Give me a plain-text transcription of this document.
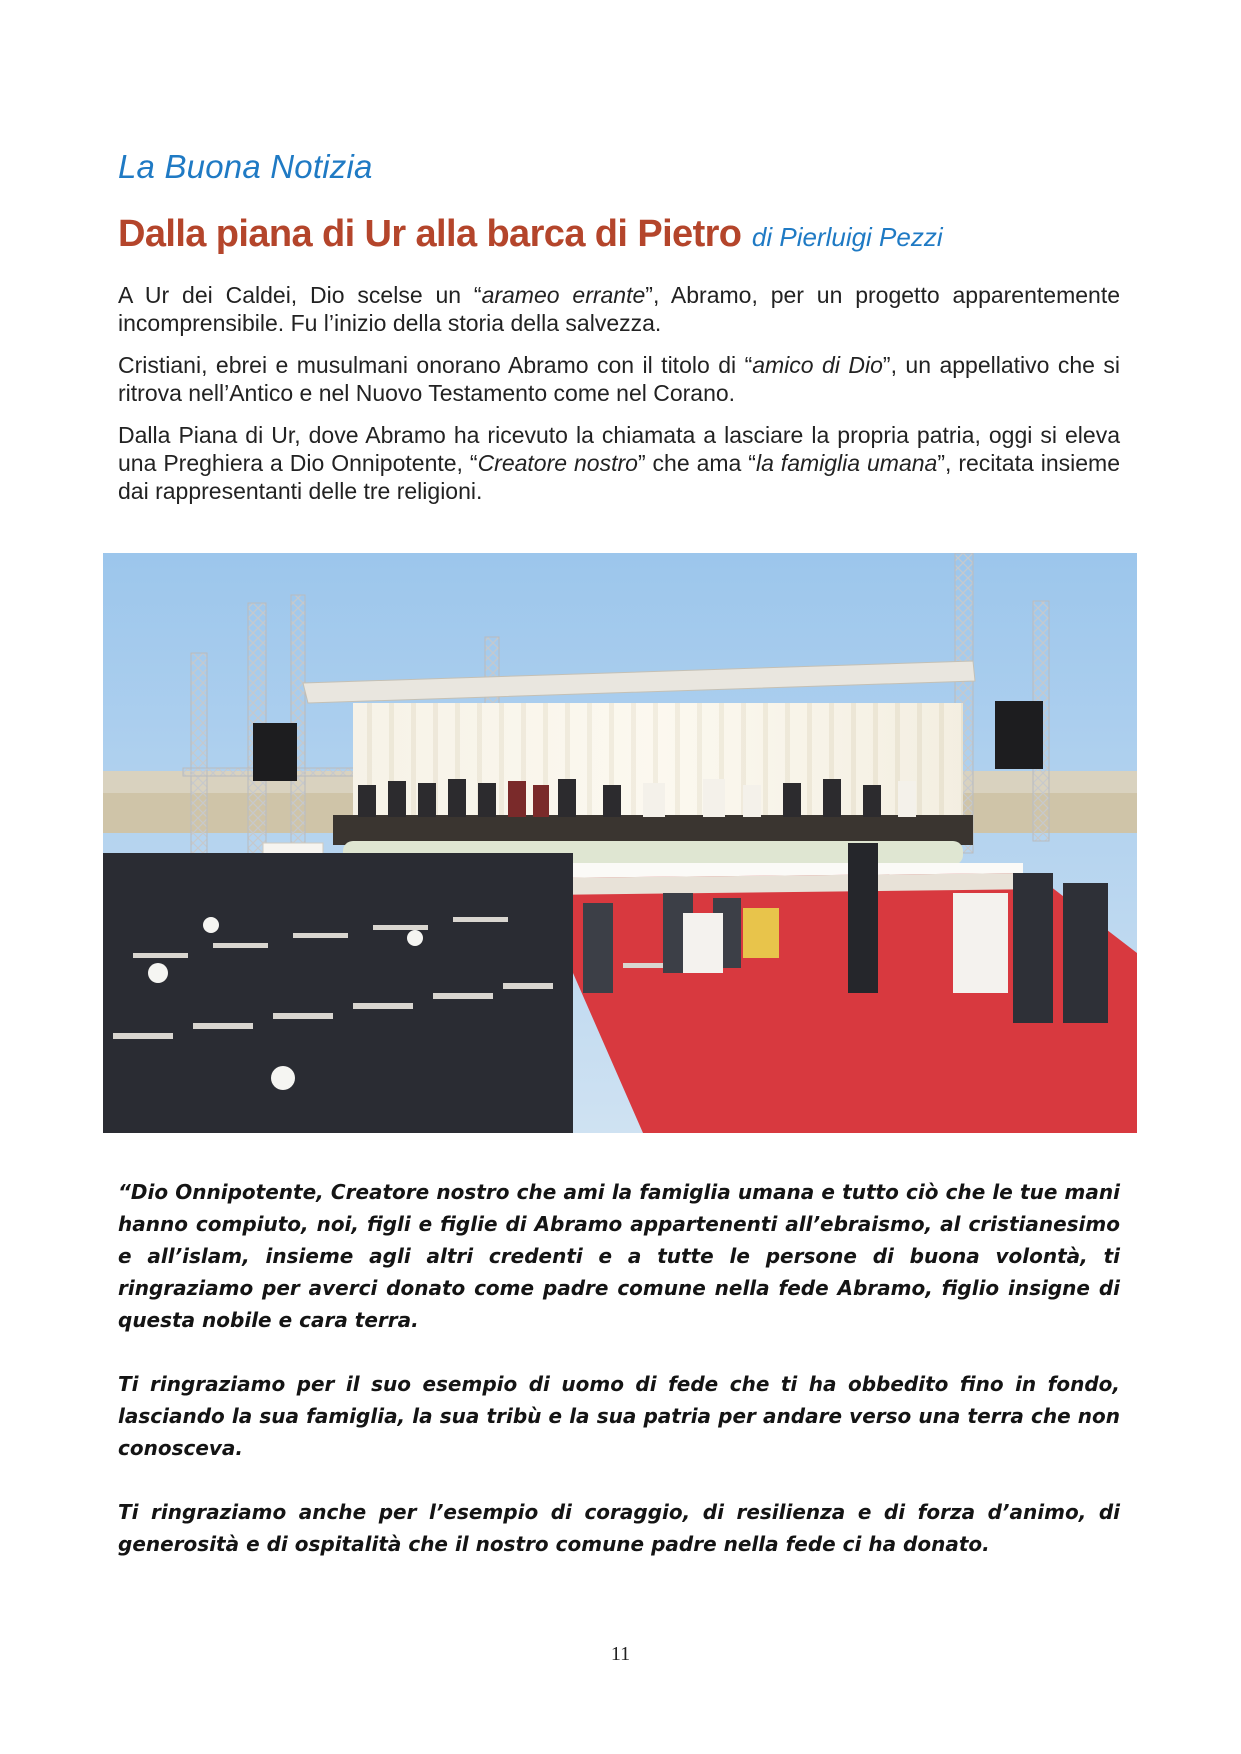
La Buona Notizia
Dalla piana di Ur alla barca di Pietro di Pierluigi Pezzi

A Ur dei Caldei, Dio scelse un “arameo errante”, Abramo, per un progetto apparentemente incomprensibile. Fu l’inizio della storia della salvezza.

Cristiani, ebrei e musulmani onorano Abramo con il titolo di “amico di Dio”, un appellativo che si ritrova nell’Antico e nel Nuovo Testamento come nel Corano.

Dalla Piana di Ur, dove Abramo ha ricevuto la chiamata a lasciare la propria patria, oggi si eleva una Preghiera a Dio Onnipotente, “Creatore nostro” che ama “la famiglia umana”, recitata insieme dai rappresentanti delle tre religioni.

“Dio Onnipotente, Creatore nostro che ami la famiglia umana e tutto ciò che le tue mani hanno compiuto, noi, figli e figlie di Abramo appartenenti all’ebraismo, al cristianesimo e all’islam, insieme agli altri credenti e a tutte le persone di buona volontà, ti ringraziamo per averci donato come padre comune nella fede Abramo, figlio insigne di questa nobile e cara terra.

Ti ringraziamo per il suo esempio di uomo di fede che ti ha obbedito fino in fondo, lasciando la sua famiglia, la sua tribù e la sua patria per andare verso una terra che non conosceva.

Ti ringraziamo anche per l’esempio di coraggio, di resilienza e di forza d’animo, di generosità e di ospitalità che il nostro comune padre nella fede ci ha donato.

11
